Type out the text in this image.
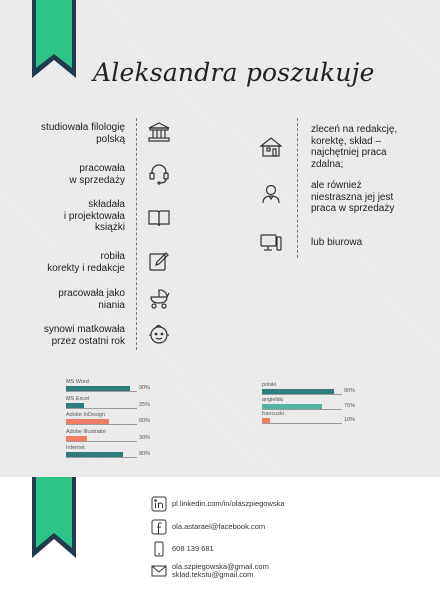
Aleksandra poszukuje
studiowała filologię
polską
pracowała
w sprzedaży
składała
i projektowała
książki
robiła
korekty i redakcje
pracowała jako
niania
synowi matkowała
przez ostatni rok
zleceń na redakcję,
korektę, skład –
najchętniej praca
zdalna;
ale również
niestraszna jej jest
praca w sprzedaży
lub biurowa
MS Word
90%
MS Excel
25%
Adobe InDesign
60%
Adobe Illustrator
30%
Internet
80%
polski
90%
angielski
75%
francuski
10%
pl.linkedin.com/in/olaszpiegowska
ola.astarael@facebook.com
608 139 681
ola.szpiegowska@gmail.com
sklad.tekstu@gmail.com
